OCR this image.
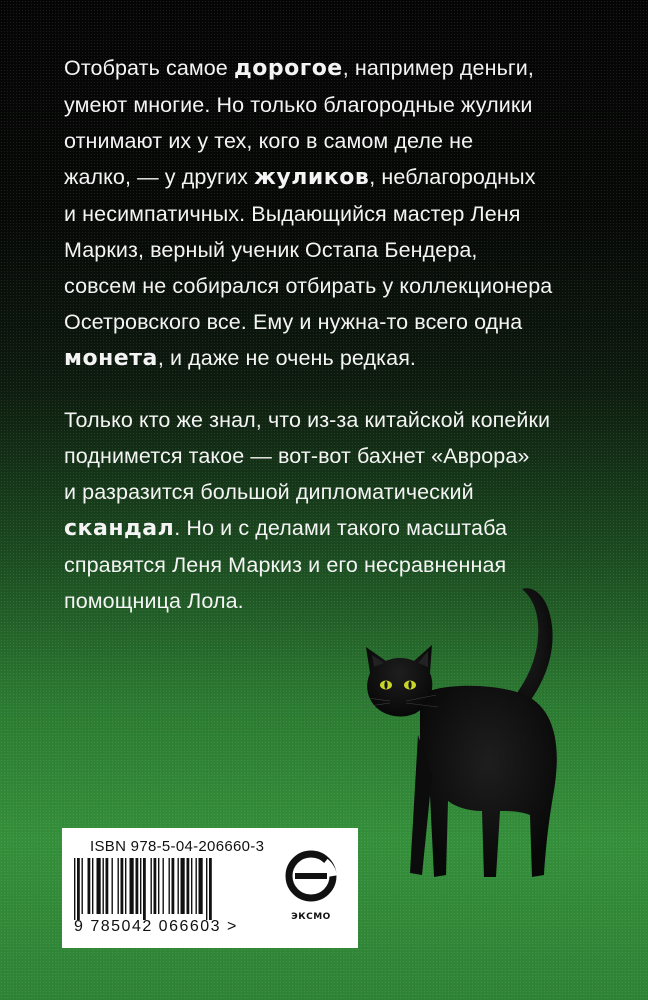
Отобрать самое дорогое, например деньги,
умеют многие. Но только благородные жулики
отнимают их у тех, кого в самом деле не
жалко, — у других жуликов, неблагородных
и несимпатичных. Выдающийся мастер Леня
Маркиз, верный ученик Остапа Бендера,
совсем не собирался отбирать у коллекционера
Осетровского все. Ему и нужна-то всего одна
монета, и даже не очень редкая.
Только кто же знал, что из-за китайской копейки
поднимется такое — вот-вот бахнет «Аврора»
и разразится большой дипломатический
скандал. Но и с делами такого масштаба
справятся Леня Маркиз и его несравненная
помощница Лола.
ISBN 978-5-04-206660-3
9 785042 066603 >
ЭКСМО
